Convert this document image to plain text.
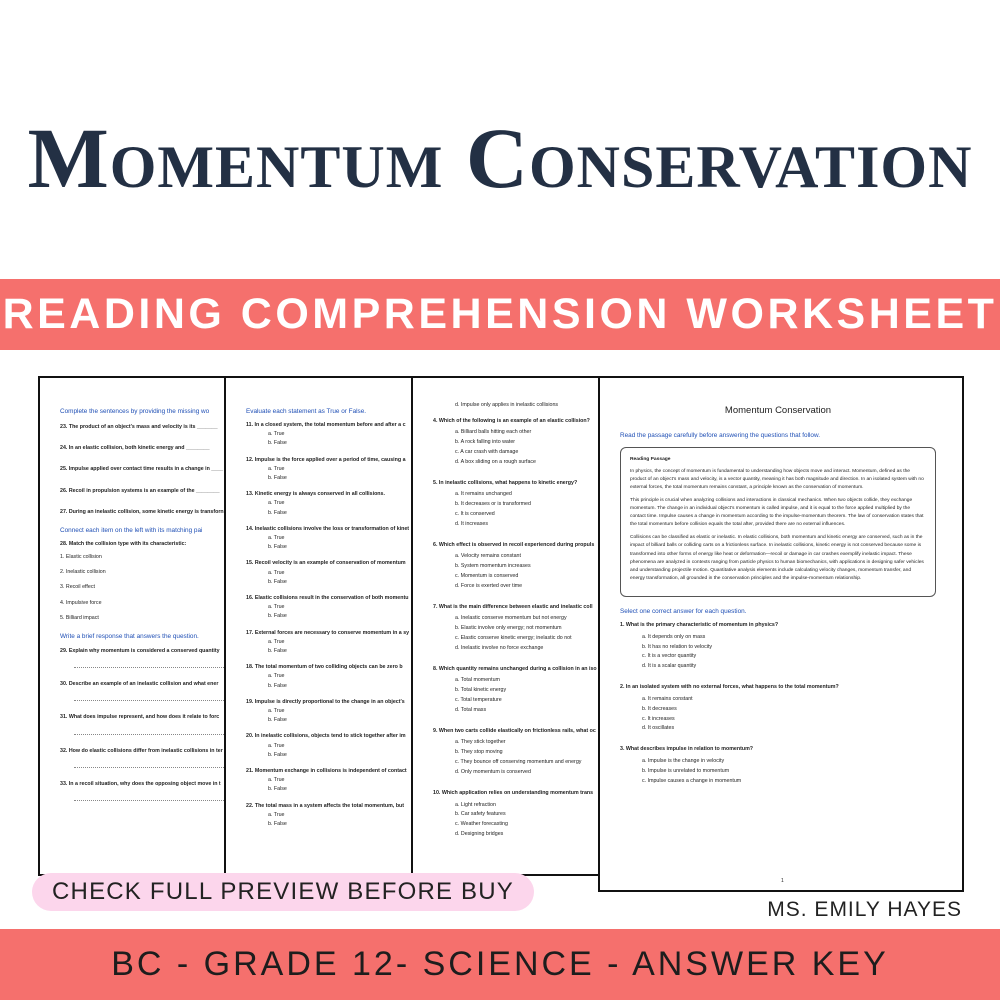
Momentum Conservation
READING COMPREHENSION WORKSHEET
Complete the sentences by providing the missing wo
23. The product of an object's mass and velocity is its _______
24. In an elastic collision, both kinetic energy and ________
25. Impulse applied over contact time results in a change in ____
26. Recoil in propulsion systems is an example of the ________
27. During an inelastic collision, some kinetic energy is transforn
Connect each item on the left with its matching pai
28. Match the collision type with its characteristic:
1. Elastic collision
2. Inelastic collision
3. Recoil effect
4. Impulsive force
5. Billiard impact
Write a brief response that answers the question.
29. Explain why momentum is considered a conserved quantity
30. Describe an example of an inelastic collision and what ener
31. What does impulse represent, and how does it relate to forc
32. How do elastic collisions differ from inelastic collisions in ter
33. In a recoil situation, why does the opposing object move in t
Evaluate each statement as True or False.
11. In a closed system, the total momentum before and after a c
a. True
b. False
12. Impulse is the force applied over a period of time, causing a
a. True
b. False
13. Kinetic energy is always conserved in all collisions.
a. True
b. False
14. Inelastic collisions involve the loss or transformation of kinet
a. True
b. False
15. Recoil velocity is an example of conservation of momentum
a. True
b. False
16. Elastic collisions result in the conservation of both momentu
a. True
b. False
17. External forces are necessary to conserve momentum in a sy
a. True
b. False
18. The total momentum of two colliding objects can be zero b
a. True
b. False
19. Impulse is directly proportional to the change in an object's
a. True
b. False
20. In inelastic collisions, objects tend to stick together after im
a. True
b. False
21. Momentum exchange in collisions is independent of contact
a. True
b. False
22. The total mass in a system affects the total momentum, but
a. True
b. False
d. Impulse only applies in inelastic collisions
4. Which of the following is an example of an elastic collision?
a. Billiard balls hitting each other
b. A rock falling into water
c. A car crash with damage
d. A box sliding on a rough surface
5. In inelastic collisions, what happens to kinetic energy?
a. It remains unchanged
b. It decreases or is transformed
c. It is conserved
d. It increases
6. Which effect is observed in recoil experienced during propuls
a. Velocity remains constant
b. System momentum increases
c. Momentum is conserved
d. Force is exerted over time
7. What is the main difference between elastic and inelastic coll
a. Inelastic conserve momentum but not energy
b. Elastic involve only energy; not momentum
c. Elastic conserve kinetic energy; inelastic do not
d. Inelastic involve no force exchange
8. Which quantity remains unchanged during a collision in an iso
a. Total momentum
b. Total kinetic energy
c. Total temperature
d. Total mass
9. When two carts collide elastically on frictionless rails, what oc
a. They stick together
b. They stop moving
c. They bounce off conserving momentum and energy
d. Only momentum is conserved
10. Which application relies on understanding momentum trans
a. Light refraction
b. Car safety features
c. Weather forecasting
d. Designing bridges
Momentum Conservation
Read the passage carefully before answering the questions that follow.
Reading Passage

In physics, the concept of momentum is fundamental to understanding how objects move and interact. Momentum, defined as the product of an object's mass and velocity, is a vector quantity, meaning it has both magnitude and direction. In an isolated system with no external forces, the total momentum remains constant, a principle known as the conservation of momentum.

This principle is crucial when analyzing collisions and interactions in classical mechanics. When two objects collide, they exchange momentum. The change in an individual object's momentum is called impulse, and it is equal to the force applied multiplied by the contact time. Impulse causes a change in momentum according to the impulse-momentum theorem. The law of conservation states that the total momentum before collision equals the total after, provided there are no external influences.

Collisions can be classified as elastic or inelastic. In elastic collisions, both momentum and kinetic energy are conserved, such as in the impact of billiard balls or colliding carts on a frictionless surface. In inelastic collisions, kinetic energy is not conserved because some is transformed into other forms of energy like heat or deformation—recoil or damage in car crashes exemplify inelastic impact. These phenomena are analyzed in contexts ranging from particle physics to human biomechanics, with applications in designing safer vehicles and understanding projectile motion. Quantitative analysis elements include calculating velocity changes, momentum transfer, and energy transformation, all grounded in the conservation principles and the impulse-momentum relationship.

Select one correct answer for each question.
1. What is the primary characteristic of momentum in physics?
a. It depends only on mass
b. It has no relation to velocity
c. It is a vector quantity
d. It is a scalar quantity
2. In an isolated system with no external forces, what happens to the total momentum?
a. It remains constant
b. It decreases
c. It increases
d. It oscillates
3. What describes impulse in relation to momentum?
a. Impulse is the change in velocity
b. Impulse is unrelated to momentum
c. Impulse causes a change in momentum
1
CHECK FULL PREVIEW BEFORE BUY
MS. EMILY HAYES
BC - GRADE 12- SCIENCE - ANSWER KEY
